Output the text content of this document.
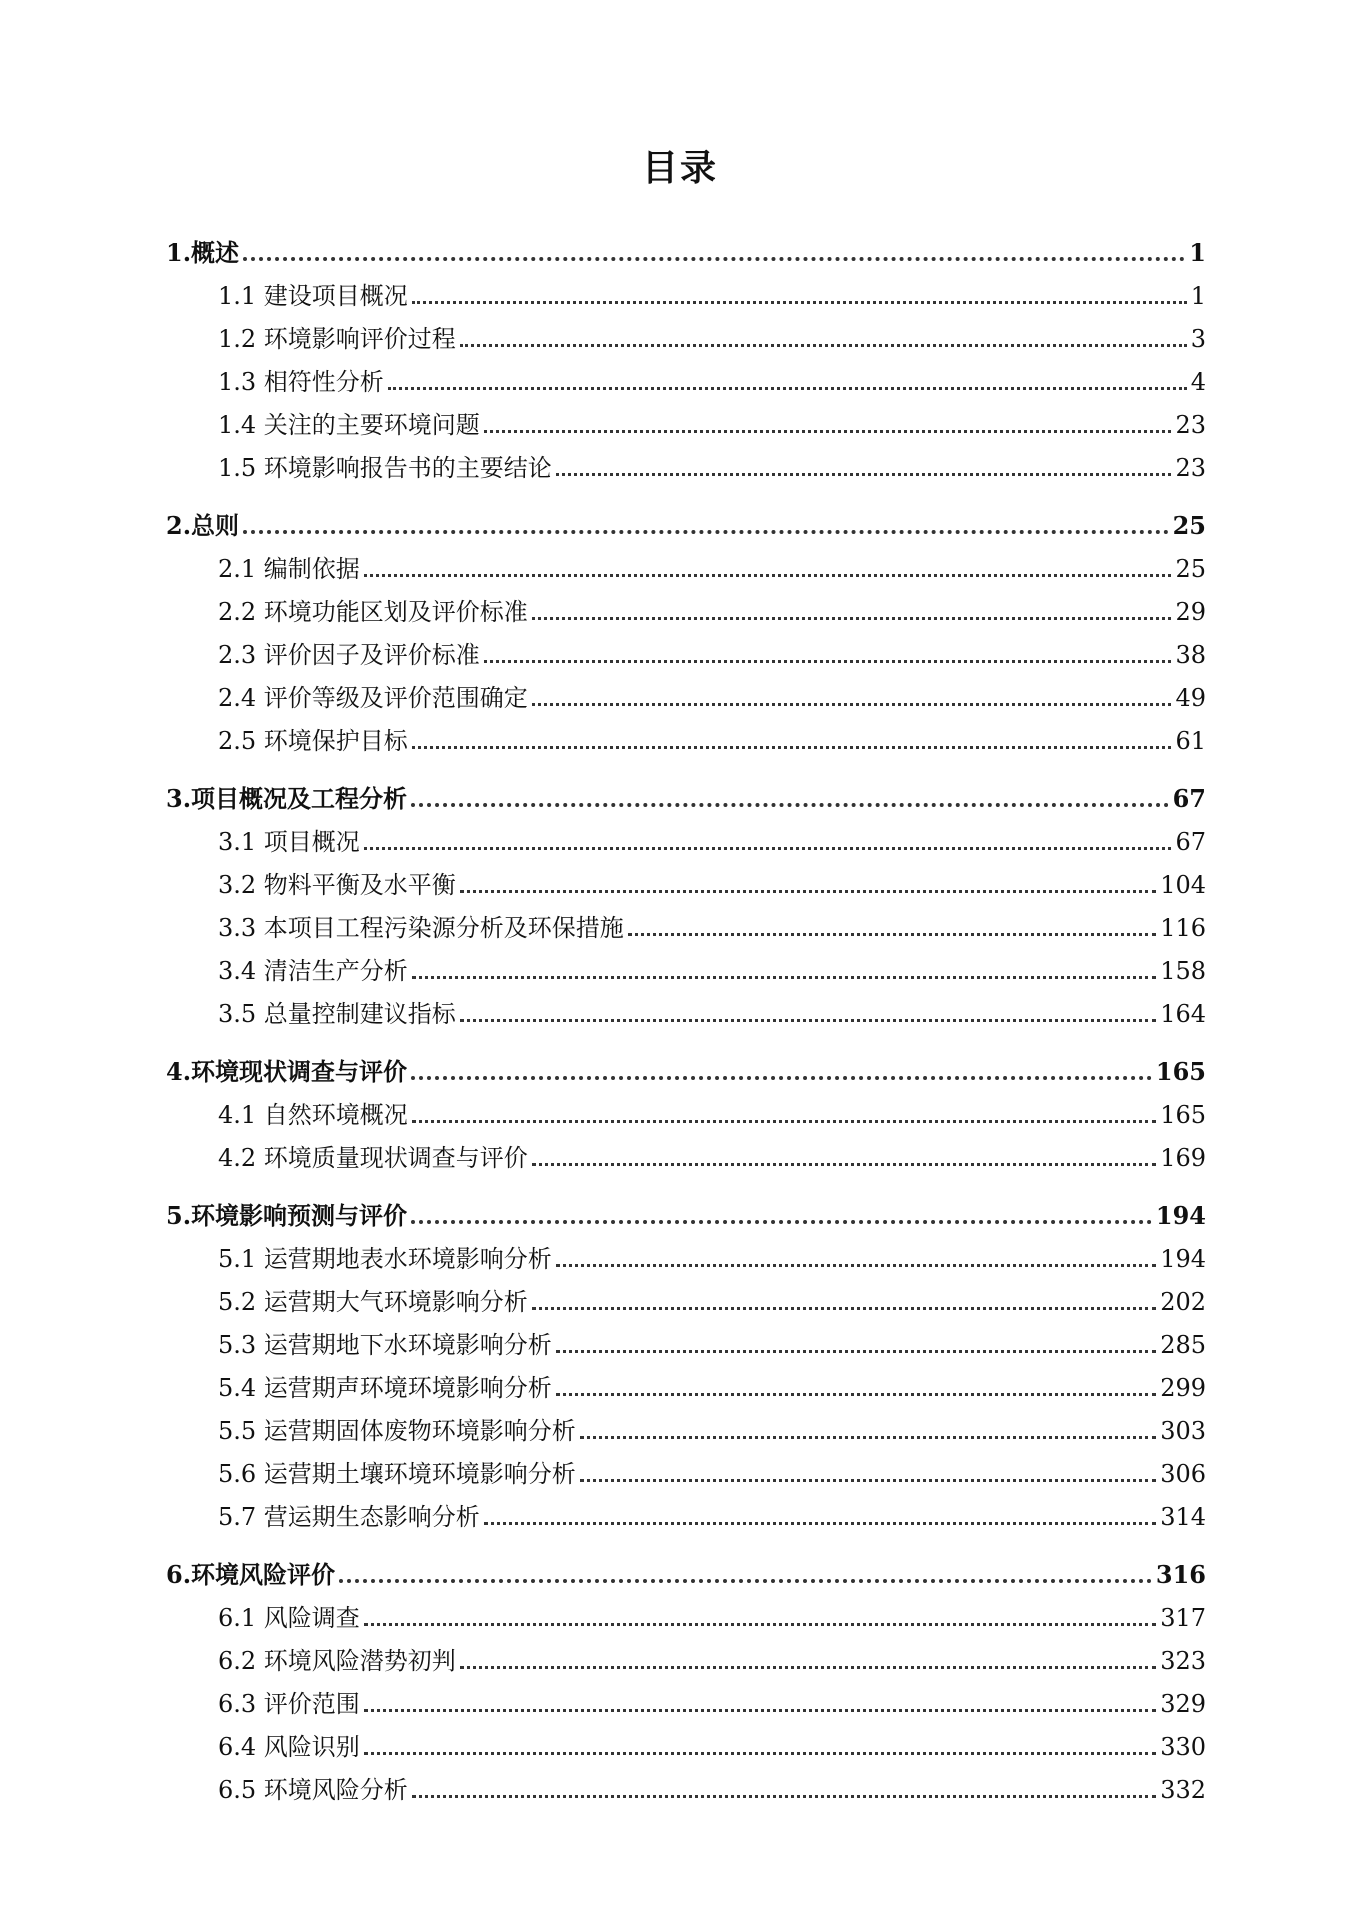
目录
1.概述	1
1.1 建设项目概况	1
1.2 环境影响评价过程	3
1.3 相符性分析	4
1.4 关注的主要环境问题	23
1.5 环境影响报告书的主要结论	23
2.总则	25
2.1 编制依据	25
2.2 环境功能区划及评价标准	29
2.3 评价因子及评价标准	38
2.4 评价等级及评价范围确定	49
2.5 环境保护目标	61
3.项目概况及工程分析	67
3.1 项目概况	67
3.2 物料平衡及水平衡	104
3.3 本项目工程污染源分析及环保措施	116
3.4 清洁生产分析	158
3.5 总量控制建议指标	164
4.环境现状调查与评价	165
4.1 自然环境概况	165
4.2 环境质量现状调查与评价	169
5.环境影响预测与评价	194
5.1 运营期地表水环境影响分析	194
5.2 运营期大气环境影响分析	202
5.3 运营期地下水环境影响分析	285
5.4 运营期声环境环境影响分析	299
5.5 运营期固体废物环境影响分析	303
5.6 运营期土壤环境环境影响分析	306
5.7 营运期生态影响分析	314
6.环境风险评价	316
6.1 风险调查	317
6.2 环境风险潜势初判	323
6.3 评价范围	329
6.4 风险识别	330
6.5 环境风险分析	332
